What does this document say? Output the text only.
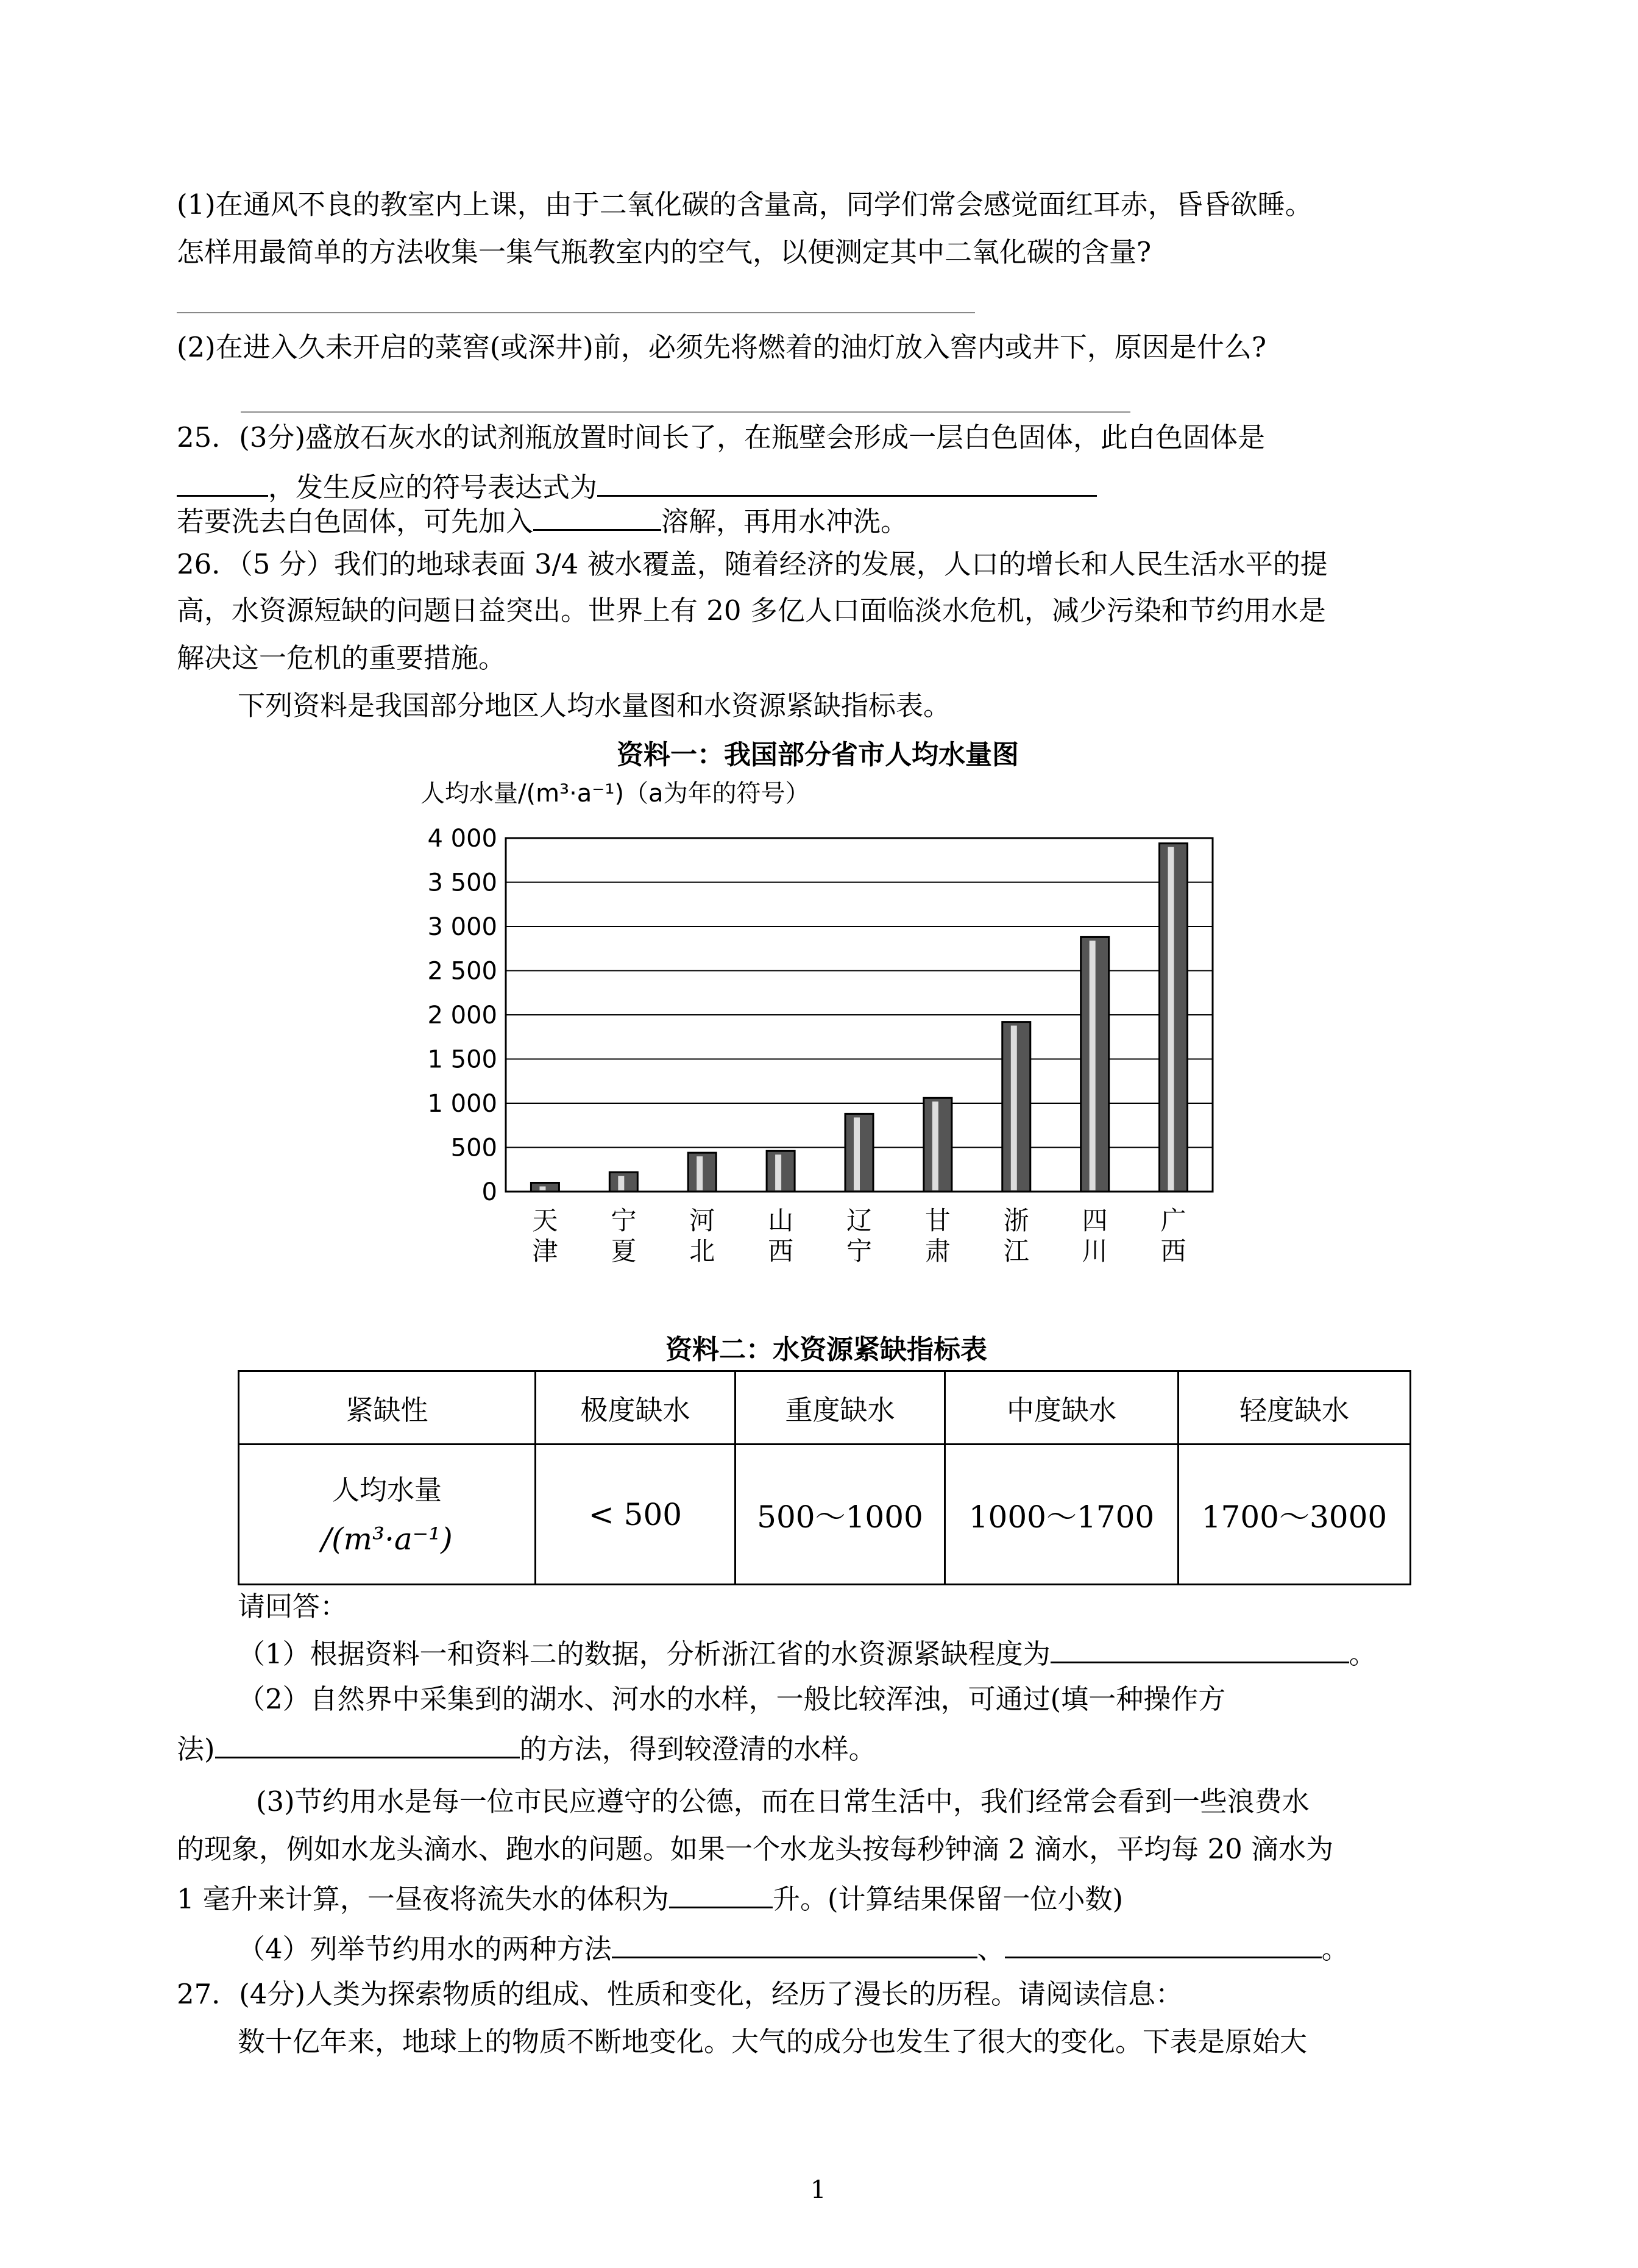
(1)在通风不良的教室内上课，由于二氧化碳的含量高，同学们常会感觉面红耳赤，昏昏欲睡。
怎样用最简单的方法收集一集气瓶教室内的空气，以便测定其中二氧化碳的含量?
(2)在进入久未开启的菜窖(或深井)前，必须先将燃着的油灯放入窖内或井下，原因是什么?
25．(3分)盛放石灰水的试剂瓶放置时间长了，在瓶壁会形成一层白色固体，此白色固体是
，发生反应的符号表达式为
若要洗去白色固体，可先加入	溶解，再用水冲洗。
26．（5 分）我们的地球表面 3/4 被水覆盖，随着经济的发展，人口的增长和人民生活水平的提
高，水资源短缺的问题日益突出。世界上有 20 多亿人口面临淡水危机，减少污染和节约用水是
解决这一危机的重要措施。
下列资料是我国部分地区人均水量图和水资源紧缺指标表。
资料一：我国部分省市人均水量图
人均水量/(m³·a⁻¹)（a为年的符号）
4 000
3 500
3 000
2 500
2 000
1 500
1 000
500
0
天津
宁夏
河北
山西
辽宁
甘肃
浙江
四川
广西
资料二：水资源紧缺指标表
紧缺性	极度缺水	重度缺水	中度缺水	轻度缺水

人均水量
/(m³·a⁻¹)	< 500	500～1000	1000～1700	1700～3000
请回答：
（1）根据资料一和资料二的数据，分析浙江省的水资源紧缺程度为	。
（2）自然界中采集到的湖水、河水的水样，一般比较浑浊，可通过(填一种操作方
法)	的方法，得到较澄清的水样。
(3)节约用水是每一位市民应遵守的公德，而在日常生活中，我们经常会看到一些浪费水
的现象，例如水龙头滴水、跑水的问题。如果一个水龙头按每秒钟滴 2 滴水，平均每 20 滴水为
1 毫升来计算，一昼夜将流失水的体积为	升。(计算结果保留一位小数)
（4）列举节约用水的两种方法	、	。
27．(4分)人类为探索物质的组成、性质和变化，经历了漫长的历程。请阅读信息：
数十亿年来，地球上的物质不断地变化。大气的成分也发生了很大的变化。下表是原始大
1
